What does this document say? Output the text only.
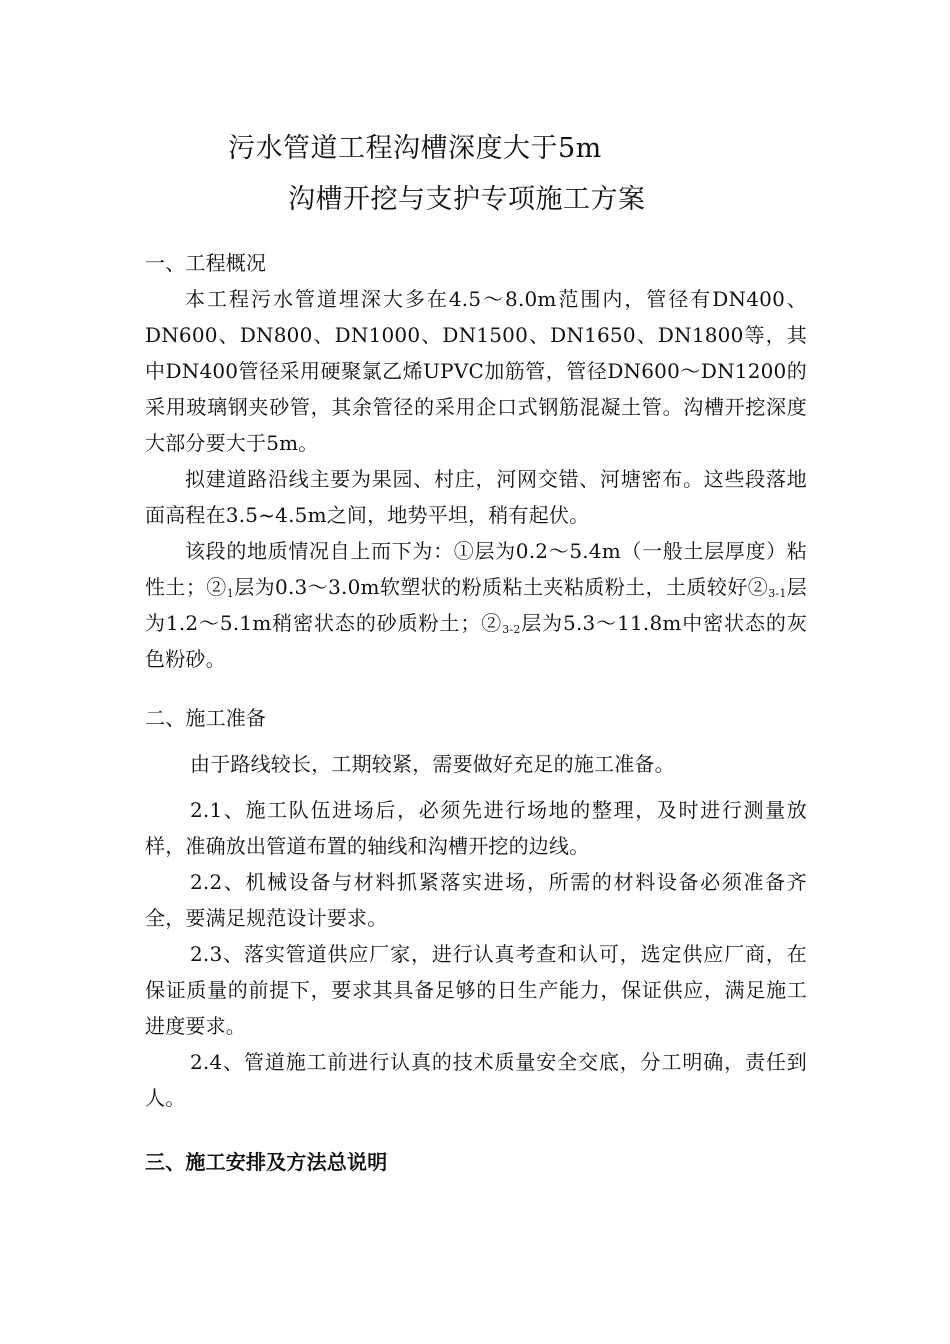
污水管道工程沟槽深度大于5m
沟槽开挖与支护专项施工方案
一、工程概况

本工程污水管道埋深大多在4.5～8.0m范围内，管径有DN400、DN600、DN800、DN1000、DN1500、DN1650、DN1800等，其中DN400管径采用硬聚氯乙烯UPVC加筋管，管径DN600～DN1200的采用玻璃钢夹砂管，其余管径的采用企口式钢筋混凝土管。沟槽开挖深度大部分要大于5m。

拟建道路沿线主要为果园、村庄，河网交错、河塘密布。这些段落地面高程在3.5~4.5m之间，地势平坦，稍有起伏。

该段的地质情况自上而下为：①层为0.2～5.4m（一般土层厚度）粘性土；$②_1$层为0.3～3.0m软塑状的粉质粘土夹粘质粉土，土质较好$②_{3-1}$层为1.2～5.1m稍密状态的砂质粉土；$②_{3-2}$层为5.3～11.8m中密状态的灰色粉砂。

二、施工准备

由于路线较长，工期较紧，需要做好充足的施工准备。

2.1、施工队伍进场后，必须先进行场地的整理，及时进行测量放样，准确放出管道布置的轴线和沟槽开挖的边线。

2.2、机械设备与材料抓紧落实进场，所需的材料设备必须准备齐全，要满足规范设计要求。

2.3、落实管道供应厂家，进行认真考查和认可，选定供应厂商，在保证质量的前提下，要求其具备足够的日生产能力，保证供应，满足施工进度要求。

2.4、管道施工前进行认真的技术质量安全交底，分工明确，责任到人。

三、施工安排及方法总说明
